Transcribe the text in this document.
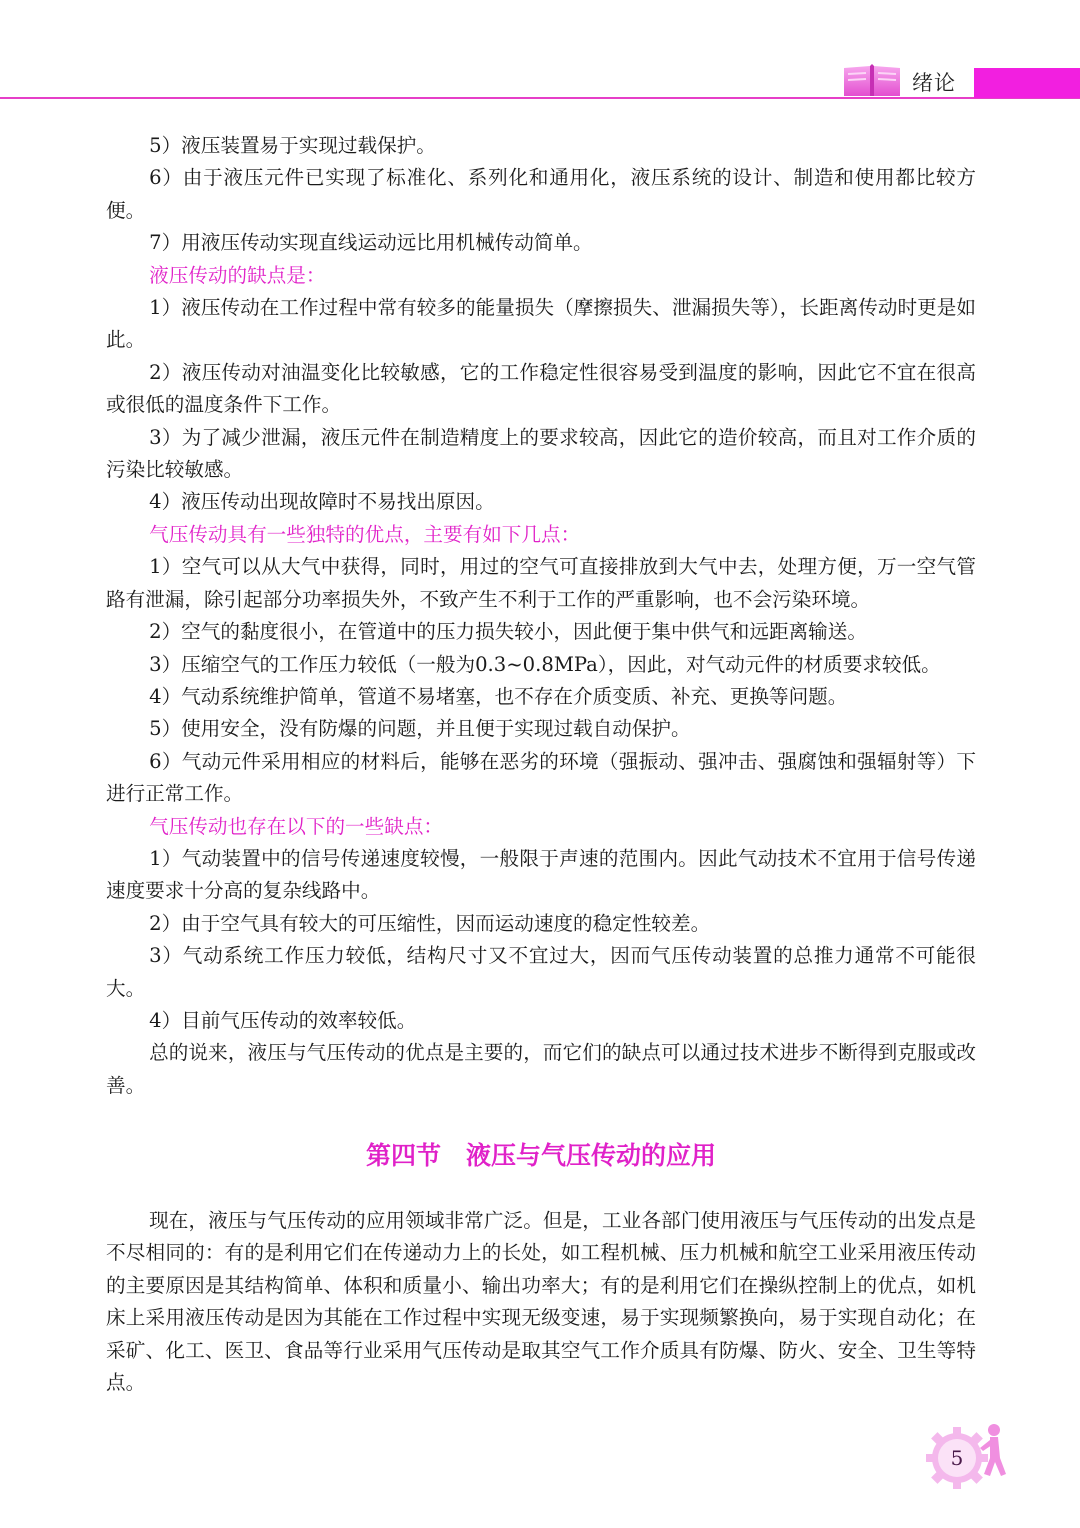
绪论

5）液压装置易于实现过载保护。

6）由于液压元件已实现了标准化、系列化和通用化，液压系统的设计、制造和使用都比较方便。

7）用液压传动实现直线运动远比用机械传动简单。

液压传动的缺点是：

1）液压传动在工作过程中常有较多的能量损失（摩擦损失、泄漏损失等），长距离传动时更是如此。

2）液压传动对油温变化比较敏感，它的工作稳定性很容易受到温度的影响，因此它不宜在很高或很低的温度条件下工作。

3）为了减少泄漏，液压元件在制造精度上的要求较高，因此它的造价较高，而且对工作介质的污染比较敏感。

4）液压传动出现故障时不易找出原因。

气压传动具有一些独特的优点，主要有如下几点：

1）空气可以从大气中获得，同时，用过的空气可直接排放到大气中去，处理方便，万一空气管路有泄漏，除引起部分功率损失外，不致产生不利于工作的严重影响，也不会污染环境。

2）空气的黏度很小，在管道中的压力损失较小，因此便于集中供气和远距离输送。

3）压缩空气的工作压力较低（一般为0.3~0.8MPa），因此，对气动元件的材质要求较低。

4）气动系统维护简单，管道不易堵塞，也不存在介质变质、补充、更换等问题。

5）使用安全，没有防爆的问题，并且便于实现过载自动保护。

6）气动元件采用相应的材料后，能够在恶劣的环境（强振动、强冲击、强腐蚀和强辐射等）下进行正常工作。

气压传动也存在以下的一些缺点：

1）气动装置中的信号传递速度较慢，一般限于声速的范围内。因此气动技术不宜用于信号传递速度要求十分高的复杂线路中。

2）由于空气具有较大的可压缩性，因而运动速度的稳定性较差。

3）气动系统工作压力较低，结构尺寸又不宜过大，因而气压传动装置的总推力通常不可能很大。

4）目前气压传动的效率较低。

总的说来，液压与气压传动的优点是主要的，而它们的缺点可以通过技术进步不断得到克服或改善。

第四节　液压与气压传动的应用

现在，液压与气压传动的应用领域非常广泛。但是，工业各部门使用液压与气压传动的出发点是不尽相同的：有的是利用它们在传递动力上的长处，如工程机械、压力机械和航空工业采用液压传动的主要原因是其结构简单、体积和质量小、输出功率大；有的是利用它们在操纵控制上的优点，如机床上采用液压传动是因为其能在工作过程中实现无级变速，易于实现频繁换向，易于实现自动化；在采矿、化工、医卫、食品等行业采用气压传动是取其空气工作介质具有防爆、防火、安全、卫生等特点。

5
